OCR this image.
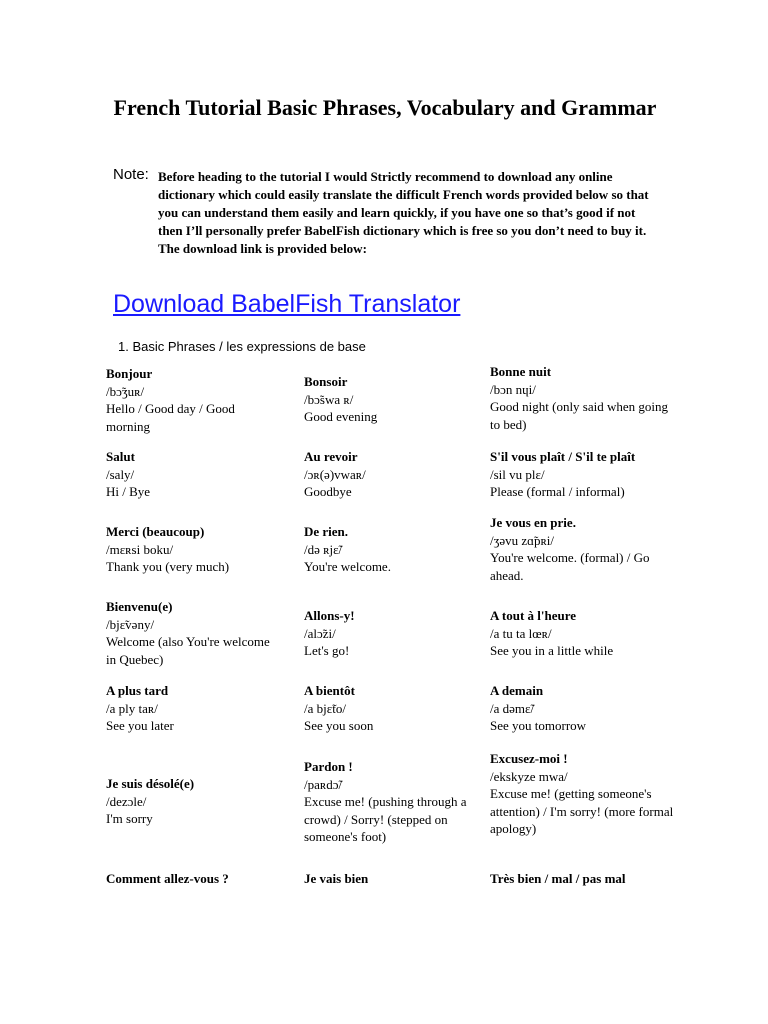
French Tutorial Basic Phrases, Vocabulary and Grammar
Note: Before heading to the tutorial I would Strictly recommend to download any online dictionary which could easily translate the difficult French words provided below so that you can understand them easily and learn quickly, if you have one so that’s good if not then I’ll personally prefer BabelFish dictionary which is free so you don’t need to buy it. The download link is provided below:
Download BabelFish Translator
1. Basic Phrases / les expressions de base
Bonjour
/bɔ̃ʒuʀ/
Hello / Good day / Good morning
Bonsoir
/bɔ̃swa ʀ/
Good evening
Bonne nuit
/bɔn nɥi/
Good night (only said when going to bed)
Salut
/saly/
Hi / Bye
Au revoir
/ɔʀ(ə)vwaʀ/
Goodbye
S'il vous plaît / S'il te plaît
/sil vu plɛ/
Please (formal / informal)
Merci (beaucoup)
/mɛʀsi boku/
Thank you (very much)
De rien.
/də ʀjɛ̃/
You're welcome.
Je vous en prie.
/ʒəvu zɑ̃pʀi/
You're welcome. (formal) / Go ahead.
Bienvenu(e)
/bjɛ̃vəny/
Welcome (also You're welcome in Quebec)
Allons-y!
/alɔ̃zi/
Let's go!
A tout à l'heure
/a tu ta lœʀ/
See you in a little while
A plus tard
/a ply taʀ/
See you later
A bientôt
/a bjɛ̃to/
See you soon
A demain
/a dəmɛ̃/
See you tomorrow
Je suis désolé(e)
/dezɔle/
I'm sorry
Pardon !
/paʀdɔ̃/
Excuse me! (pushing through a crowd) / Sorry! (stepped on someone's foot)
Excusez-moi !
/ekskyze mwa/
Excuse me! (getting someone's attention) / I'm sorry! (more formal apology)
Comment allez-vous ?	Je vais bien	Très bien / mal / pas mal
